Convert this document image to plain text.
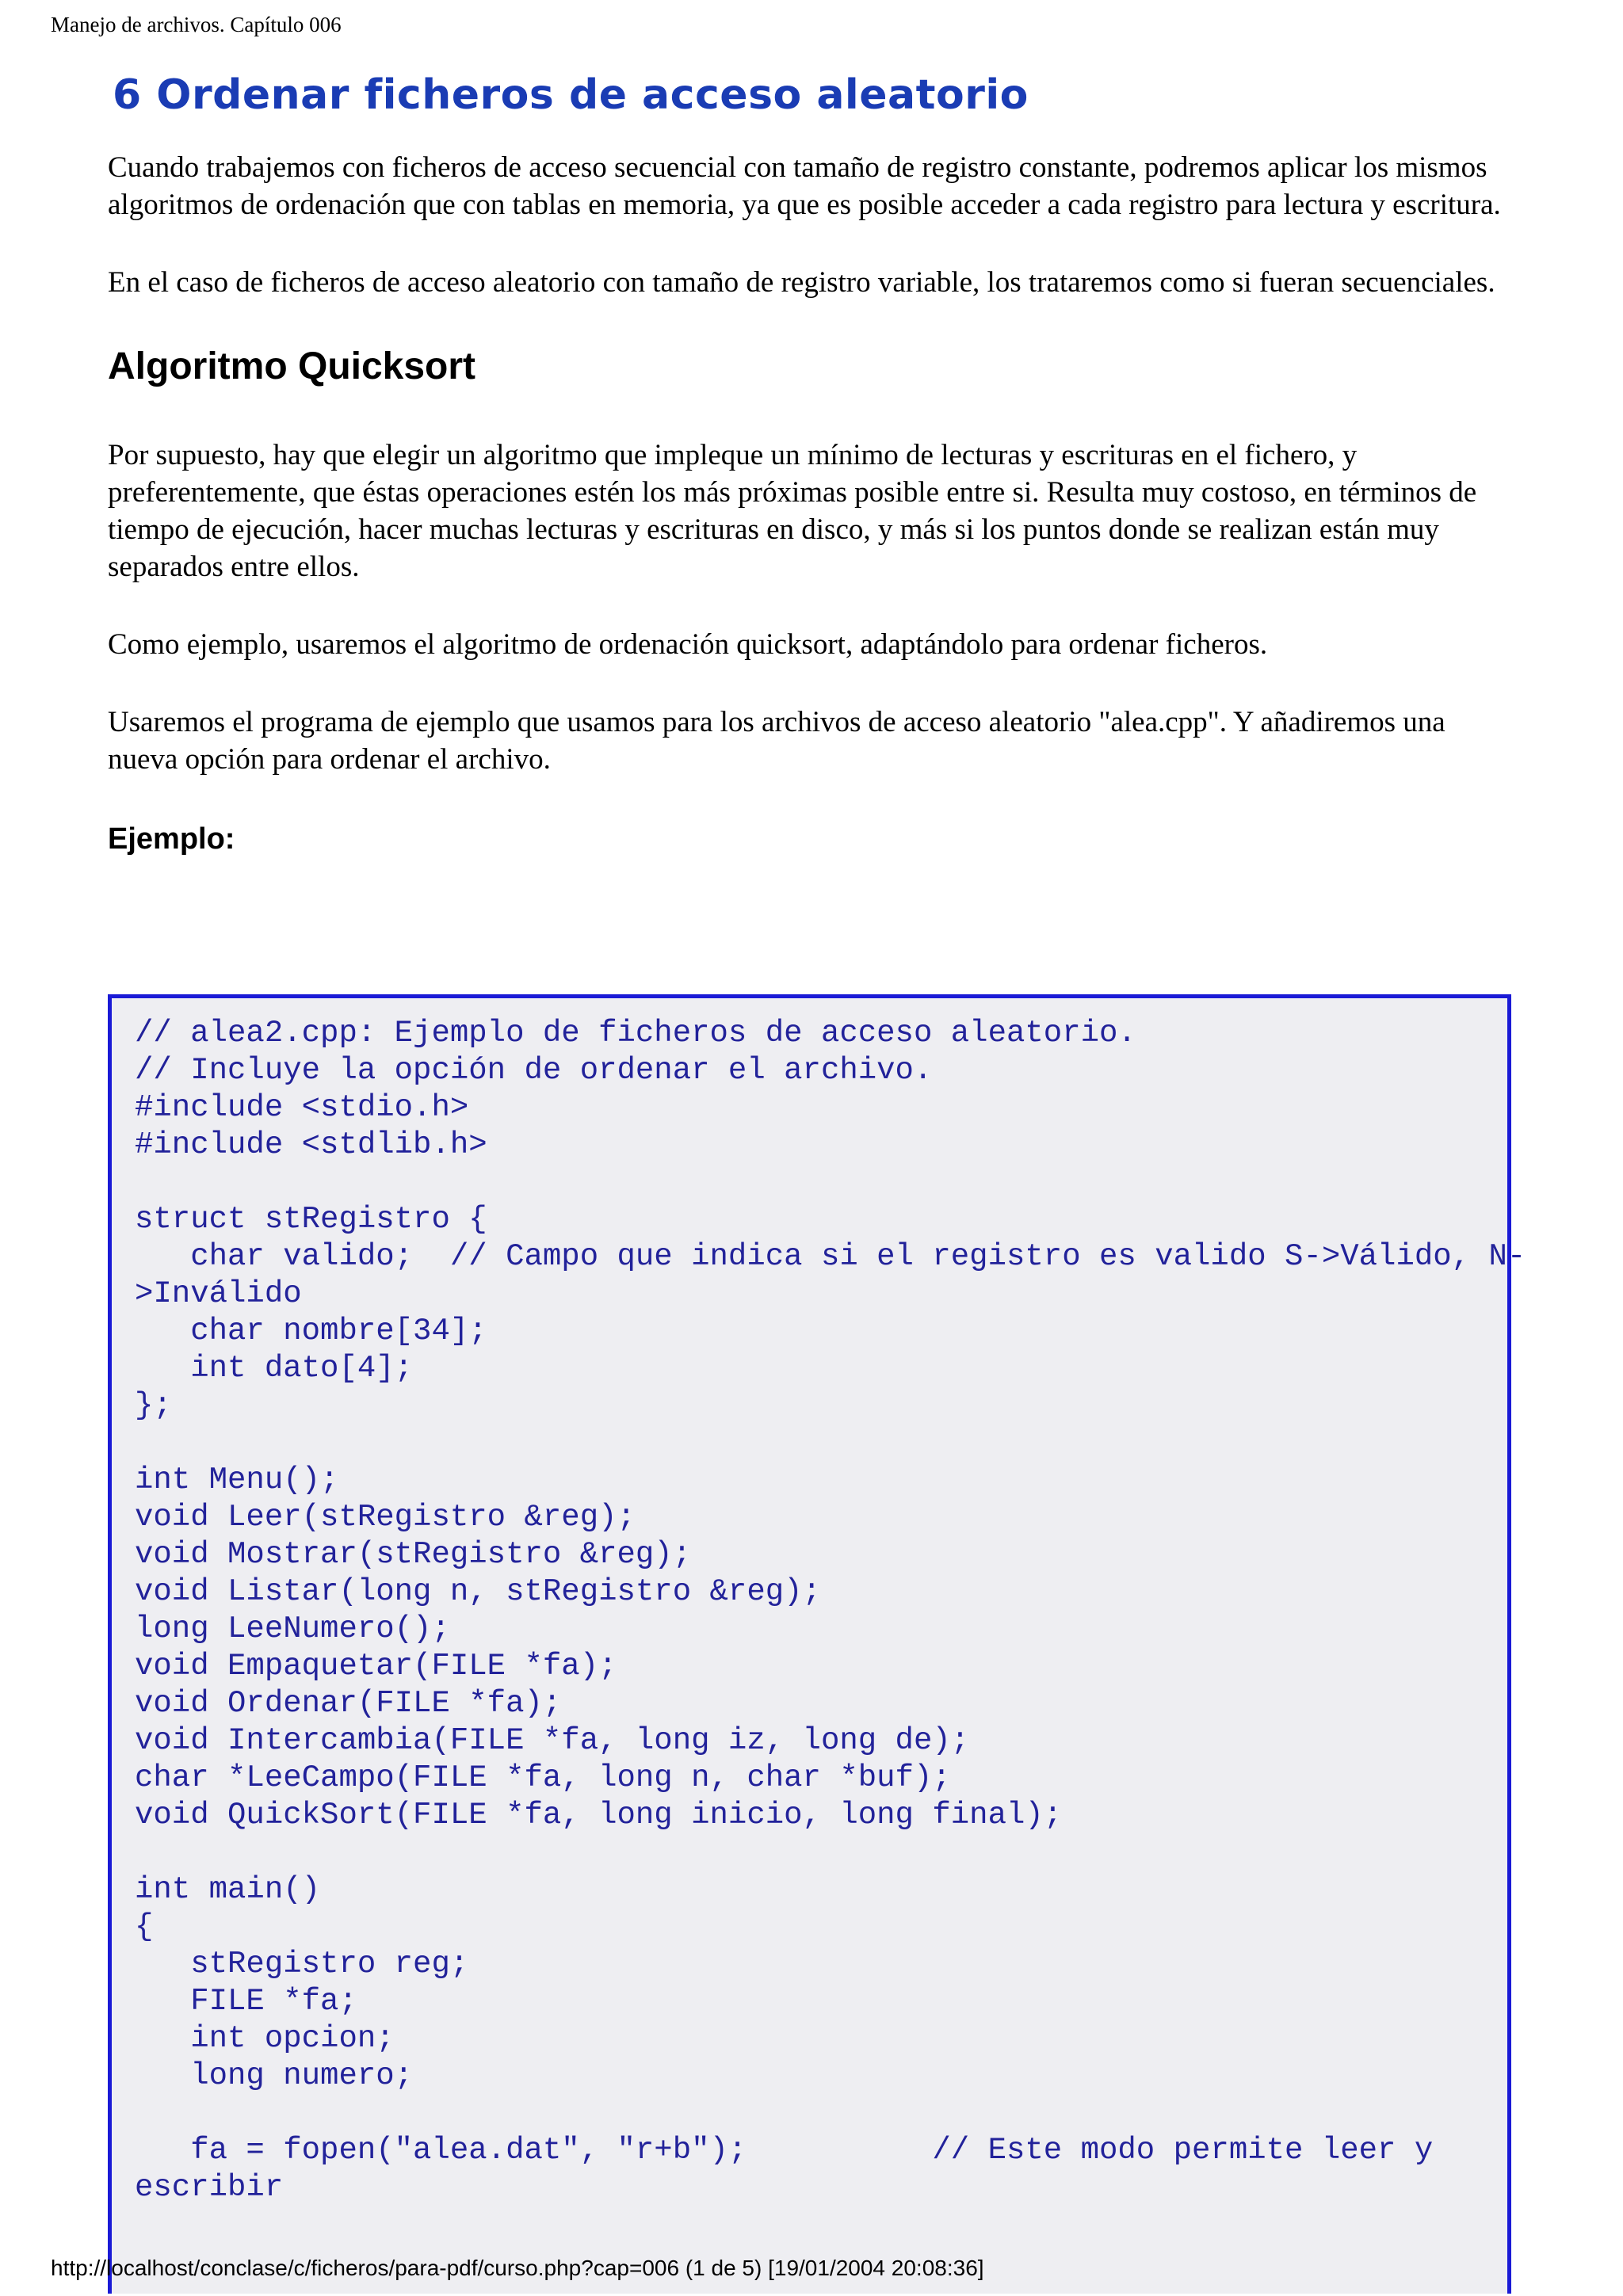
Manejo de archivos. Capítulo 006
6 Ordenar ficheros de acceso aleatorio

Cuando trabajemos con ficheros de acceso secuencial con tamaño de registro constante, podremos aplicar los mismos algoritmos de ordenación que con tablas en memoria, ya que es posible acceder a cada registro para lectura y escritura.

En el caso de ficheros de acceso aleatorio con tamaño de registro variable, los trataremos como si fueran secuenciales.

Algoritmo Quicksort

Por supuesto, hay que elegir un algoritmo que impleque un mínimo de lecturas y escrituras en el fichero, y preferentemente, que éstas operaciones estén los más próximas posible entre si. Resulta muy costoso, en términos de tiempo de ejecución, hacer muchas lecturas y escrituras en disco, y más si los puntos donde se realizan están muy separados entre ellos.

Como ejemplo, usaremos el algoritmo de ordenación quicksort, adaptándolo para ordenar ficheros.

Usaremos el programa de ejemplo que usamos para los archivos de acceso aleatorio "alea.cpp". Y añadiremos una nueva opción para ordenar el archivo.

Ejemplo:
// alea2.cpp: Ejemplo de ficheros de acceso aleatorio.
// Incluye la opción de ordenar el archivo.
#include <stdio.h>
#include <stdlib.h>

struct stRegistro {
char valido;  // Campo que indica si el registro es valido S->Válido, N-
>Inválido
char nombre[34];
int dato[4];
};

int Menu();
void Leer(stRegistro &reg);
void Mostrar(stRegistro &reg);
void Listar(long n, stRegistro &reg);
long LeeNumero();
void Empaquetar(FILE *fa);
void Ordenar(FILE *fa);
void Intercambia(FILE *fa, long iz, long de);
char *LeeCampo(FILE *fa, long n, char *buf);
void QuickSort(FILE *fa, long inicio, long final);

int main()
{
stRegistro reg;
FILE *fa;
int opcion;
long numero;

fa = fopen("alea.dat", "r+b");          // Este modo permite leer y
escribir
http://localhost/conclase/c/ficheros/para-pdf/curso.php?cap=006 (1 de 5) [19/01/2004 20:08:36]
